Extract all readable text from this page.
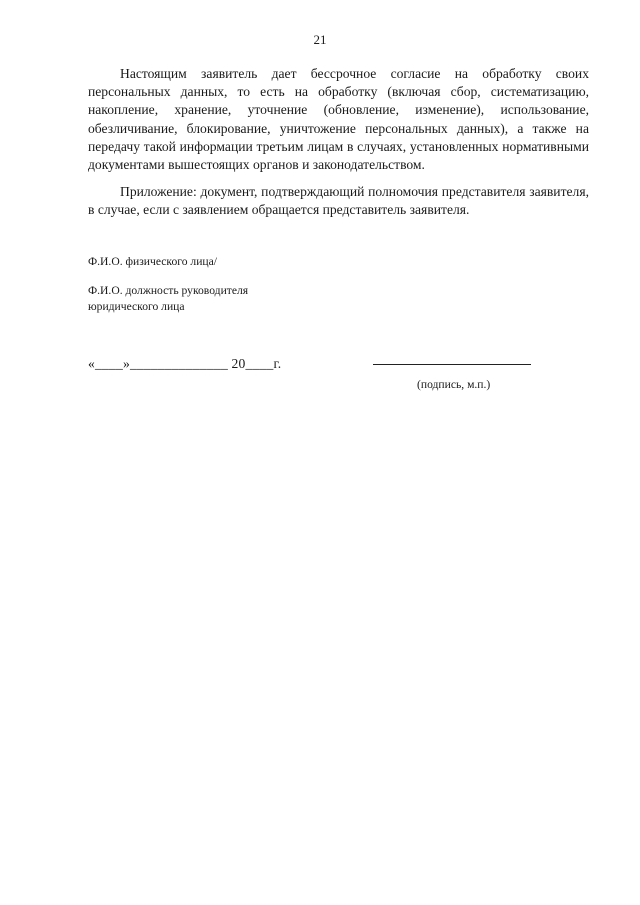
21

Настоящим заявитель дает бессрочное согласие на обработку своих персональных данных, то есть на обработку (включая сбор, систематизацию, накопление, хранение, уточнение (обновление, изменение), использование, обезличивание, блокирование, уничтожение персональных данных), а также на передачу такой информации третьим лицам в случаях, установленных нормативными документами вышестоящих органов и законодательством.

Приложение: документ, подтверждающий полномочия представителя заявителя, в случае, если с заявлением обращается представитель заявителя.

Ф.И.О. физического лица/
Ф.И.О. должность руководителя юридического лица
«____»______________ 20____г.
(подпись, м.п.)
